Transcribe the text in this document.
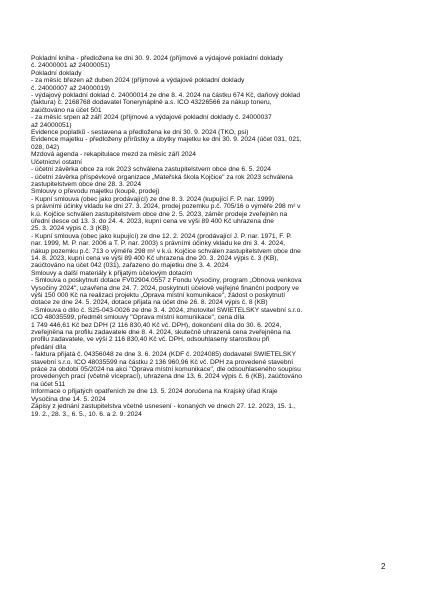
Pokladní kniha - předložena ke dni 30. 9. 2024 (příjmové a výdajové pokladní doklady
č. 24000001 až 24000051)
Pokladní doklady
- za měsíc březen až duben 2024 (příjmové a výdajové pokladní doklady
č. 24000007 až 24000019)
- výdajový pokladní doklad č. 24000014 ze dne 8. 4. 2024 na částku 674 Kč, daňový doklad
(faktura) č. 2168768 dodavatel Tonerynáplně a.s. IČO 43226566 za nákup toneru,
zaúčtováno na účet 501
- za měsíc srpen až září 2024 (příjmové a výdajové pokladní doklady č. 24000037
až 24000051)
Evidence poplatků - sestavena a předložena ke dni 30. 9. 2024 (TKO, psi)
Evidence majetku - předloženy přírůstky a úbytky majetku ke dni 30. 9. 2024 (účet 031, 021,
028, 042)
Mzdová agenda - rekapitulace mezd za měsíc září 2024
Účetnictví ostatní
- účetní závěrka obce za rok 2023 schválena zastupitelstvem obce dne 6. 5. 2024
- účetní závěrka příspěvkové organizace „Mateřská škola Kojčice" za rok 2023 schválena
zastupitelstvem obce dne 28. 3. 2024
Smlouvy o převodu majetku (koupě, prodej)
- Kupní smlouva (obec jako prodávající) ze dne 8. 3. 2024 (kupující F. P. nar. 1999)
s právními účinky vkladu ke dni 27. 3. 2024, prodej pozemku p.č. 705/16 o výměře 298 m² v
k.ú. Kojčice schválen zastupitelstvem obce dne 2. 5. 2023, záměr prodeje zveřejněn na
úřední desce od 13. 3. do 24. 4. 2023, kupní cena ve výši 89 400 Kč uhrazena dne
25. 3. 2024 výpis č. 3 (KB)
- Kupní smlouva (obec jako kupující) ze dne 12. 2. 2024 (prodávající J. P. nar. 1971, F. P.
nar. 1999, M. P. nar. 2006 a T. P. nar. 2003) s právními účinky vkladu ke dni 3. 4. 2024,
nákup pozemku p.č. 713 o výměře 298 m² v k.ú. Kojčice schválen zastupitelstvem obce dne
14. 8. 2023, kupní cena ve výši 89 400 Kč uhrazena dne 20. 3. 2024 výpis č. 3 (KB),
zaúčtováno na účet 042 (031), zařazeno do majetku dne 3. 4. 2024
Smlouvy a další materiály k přijatým účelovým dotacím
- Smlouva o poskytnutí dotace FV02904.0557 z Fondu Vysočiny, program „Obnova venkova
Vysočiny 2024", uzavřena dne 24. 7. 2024, poskytnutí účelově vejřejné finanční podpory ve
výši 150 000 Kč na realizaci projektu „Oprava místní komunikace", žádost o poskytnutí
dotace ze dne 24. 5. 2024, dotace přijata na účet dne 26. 8. 2024 výpis č. 8 (KB)
- Smlouva o dílo č. S25-043-0026 ze dne 3. 4. 2024, zhotovitel SWIETELSKY stavební s.r.o.
IČO 48035599, předmět smlouvy "Oprava místní komunikace", cena díla
1 749 446,61 Kč bez DPH (2 116 830,40 Kč vč. DPH), dokončení díla do 30. 6. 2024,
zveřejněna na profilu zadavatele dne 8. 4. 2024, skutečně uhrazená cena zveřejněna na
profilu zadavatele, ve výši 2 116 830,40 Kč vč. DPH, odsouhlaseny starostkou při
předání díla
- faktura přijatá č. 04356048 ze dne 3. 6. 2024 (KDF č. 2024085) dodavatel SWIETELSKY
stavební s.r.o. IČO 48035599 na částku 2 136 960,96 Kč vč. DPH za provedené stavební
práce za období 05/2024 na akci "Oprava místní komunikace", dle odsouhlaseného soupisu
provedených prací (včetně víceprací), uhrazena dne 13. 6. 2024 výpis č. 6 (KB), zaúčtováno
na účet 511
Informace o přijatých opatřeních ze dne 13. 5. 2024 doručena na Krajský úřad Kraje
Vysočina dne 14. 5. 2024
Zápisy z jednání zastupitelstva včetně usnesení - konaných ve dnech 27. 12. 2023, 15. 1.,
19. 2., 28. 3., 6. 5., 10. 6. a 2. 9. 2024
2
